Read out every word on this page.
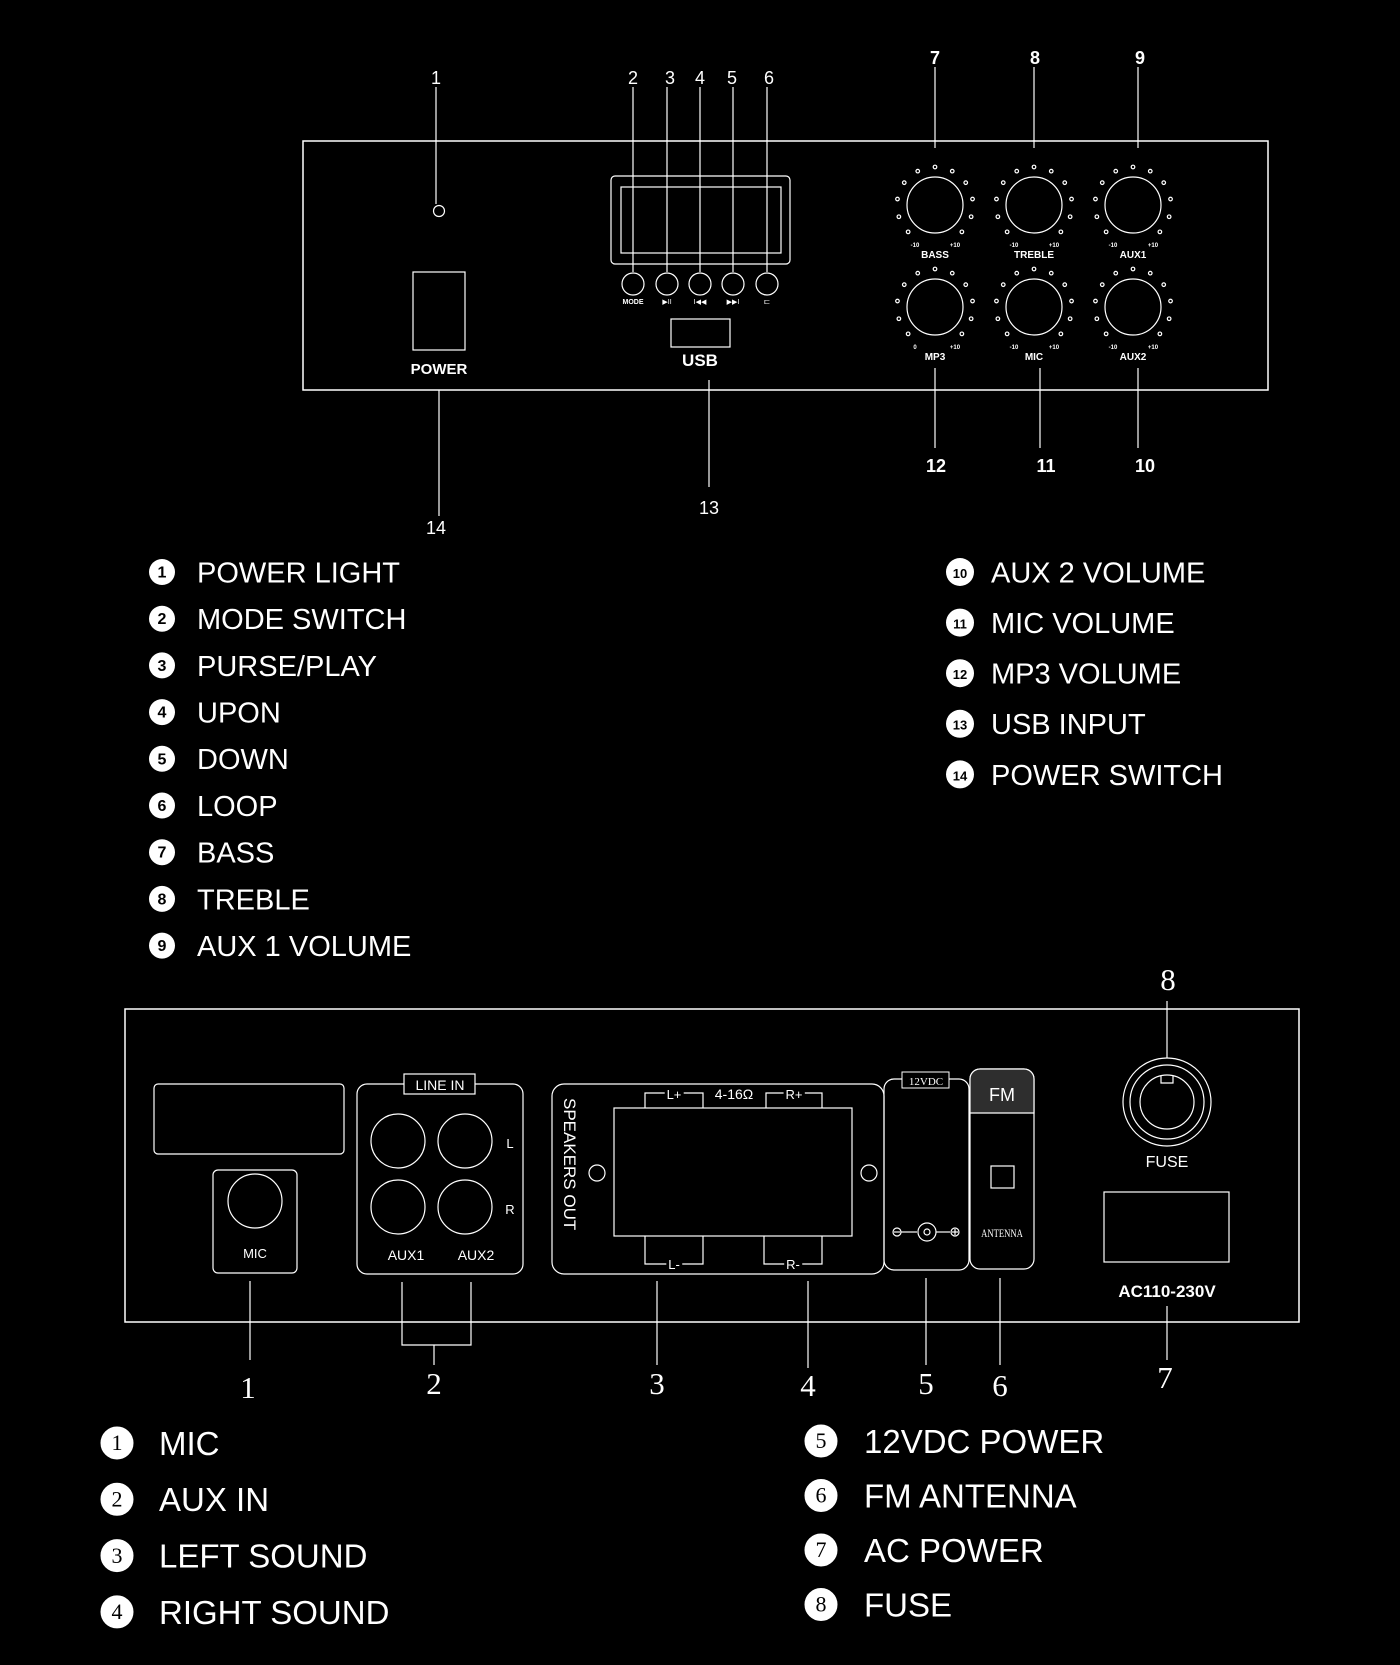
POWER
MODE	▶II	I◀◀	▶▶I	⊏
USB
-10	+10
BASS
-10	+10
TREBLE
-10	+10
AUX1
0	+10
MP3
-10	+10
MIC
-10	+10
AUX2
1	2 3 4 5 6
7	8	9
10
11
12
13
14
1 POWER LIGHT
2 MODE SWITCH
3 PURSE/PLAY
4 UPON
5 DOWN
6 LOOP
7 BASS
8 TREBLE
9 AUX 1 VOLUME
10 AUX 2 VOLUME
11 MIC VOLUME
12 MP3 VOLUME
13 USB INPUT
14 POWER SWITCH
MIC
LINE IN
L
R
AUX1 AUX2
SPEAKERS OUT
L+ 4-16Ω R+
L-	R-
12VDC
FM
ANTENNA
FUSE
AC110-230V
1	2	3	4	5 6	7
8
1 MIC
2 AUX IN
3 LEFT SOUND
4 RIGHT SOUND
5 12VDC POWER
6 FM ANTENNA
7 AC POWER
8 FUSE
